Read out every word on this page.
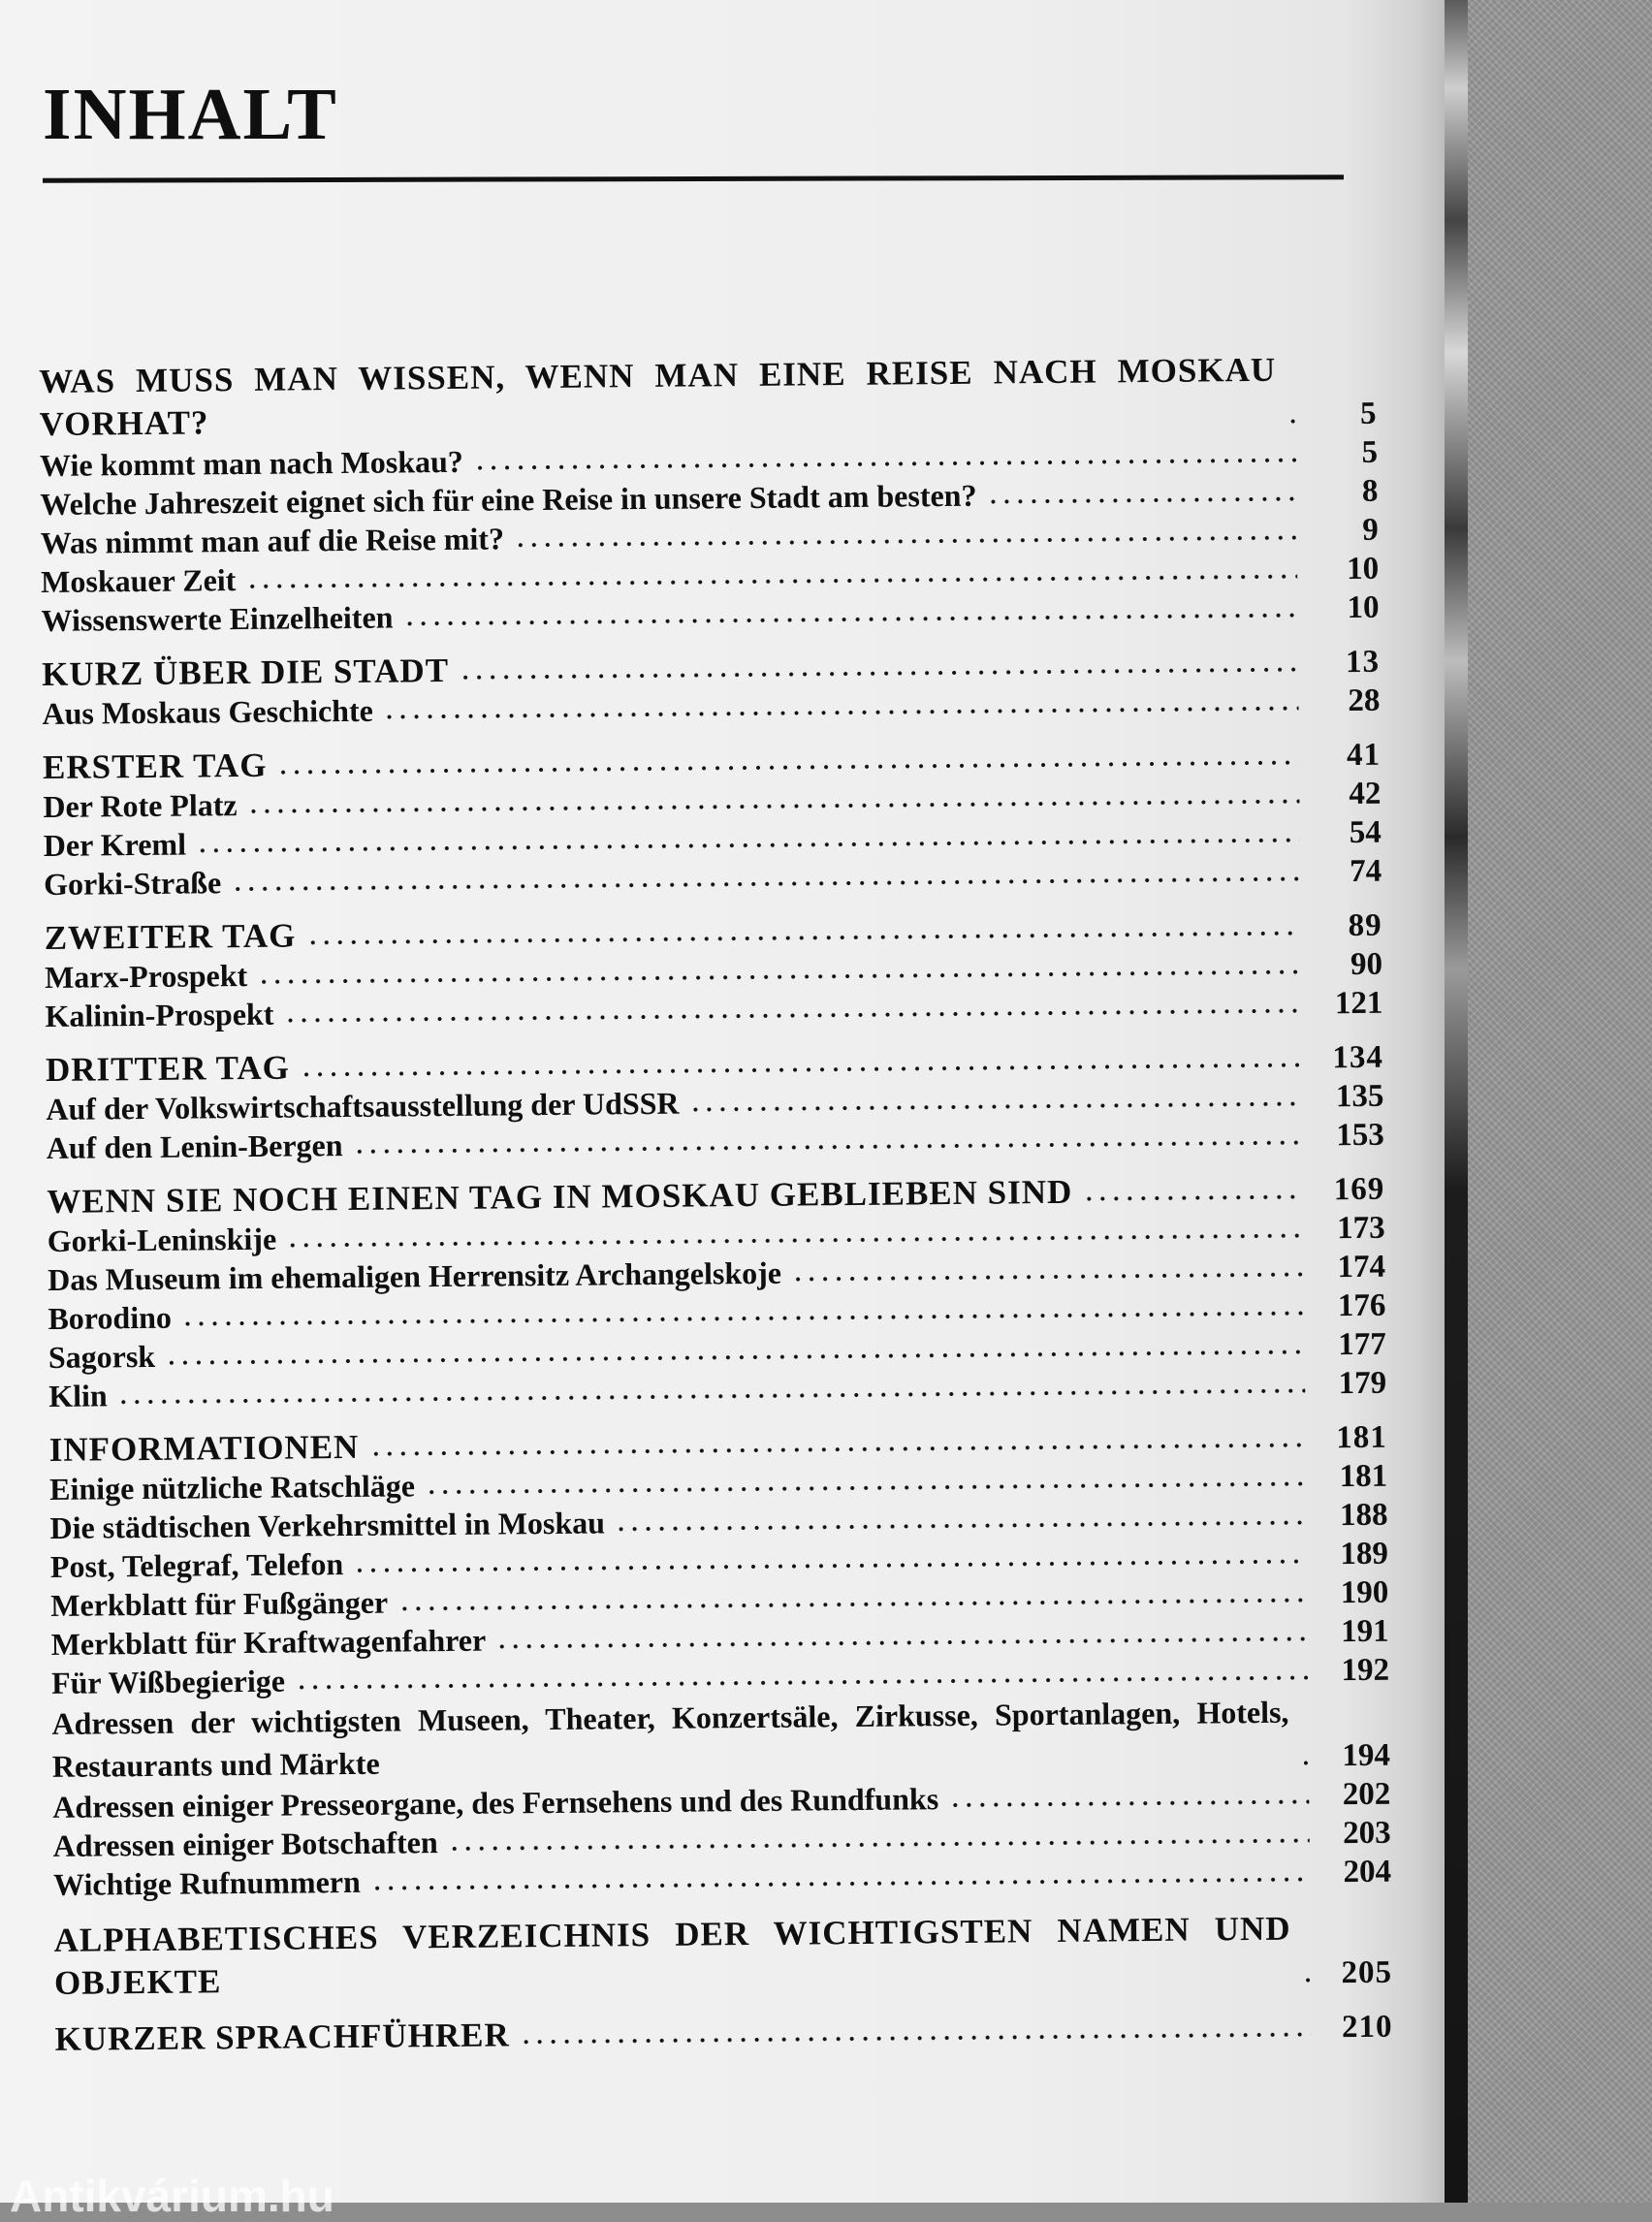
INHALT
WAS MUSS MAN WISSEN, WENN MAN EINE REISE NACH MOSKAU VORHAT?	5
Wie kommt man nach Moskau?	5
Welche Jahreszeit eignet sich für eine Reise in unsere Stadt am besten?	8
Was nimmt man auf die Reise mit?	9
Moskauer Zeit	10
Wissenswerte Einzelheiten	10
KURZ ÜBER DIE STADT	13
Aus Moskaus Geschichte	28
ERSTER TAG	41
Der Rote Platz	42
Der Kreml	54
Gorki-Straße	74
ZWEITER TAG	89
Marx-Prospekt	90
Kalinin-Prospekt	121
DRITTER TAG	134
Auf der Volkswirtschaftsausstellung der UdSSR	135
Auf den Lenin-Bergen	153
WENN SIE NOCH EINEN TAG IN MOSKAU GEBLIEBEN SIND	169
Gorki-Leninskije	173
Das Museum im ehemaligen Herrensitz Archangelskoje	174
Borodino	176
Sagorsk	177
Klin	179
INFORMATIONEN	181
Einige nützliche Ratschläge	181
Die städtischen Verkehrsmittel in Moskau	188
Post, Telegraf, Telefon	189
Merkblatt für Fußgänger	190
Merkblatt für Kraftwagenfahrer	191
Für Wißbegierige	192
Adressen der wichtigsten Museen, Theater, Konzertsäle, Zirkusse, Sportanlagen, Hotels, Restaurants und Märkte	194
Adressen einiger Presseorgane, des Fernsehens und des Rundfunks	202
Adressen einiger Botschaften	203
Wichtige Rufnummern	204
ALPHABETISCHES VERZEICHNIS DER WICHTIGSTEN NAMEN UND OBJEKTE	205
KURZER SPRACHFÜHRER	210
Antikvárium.hu
